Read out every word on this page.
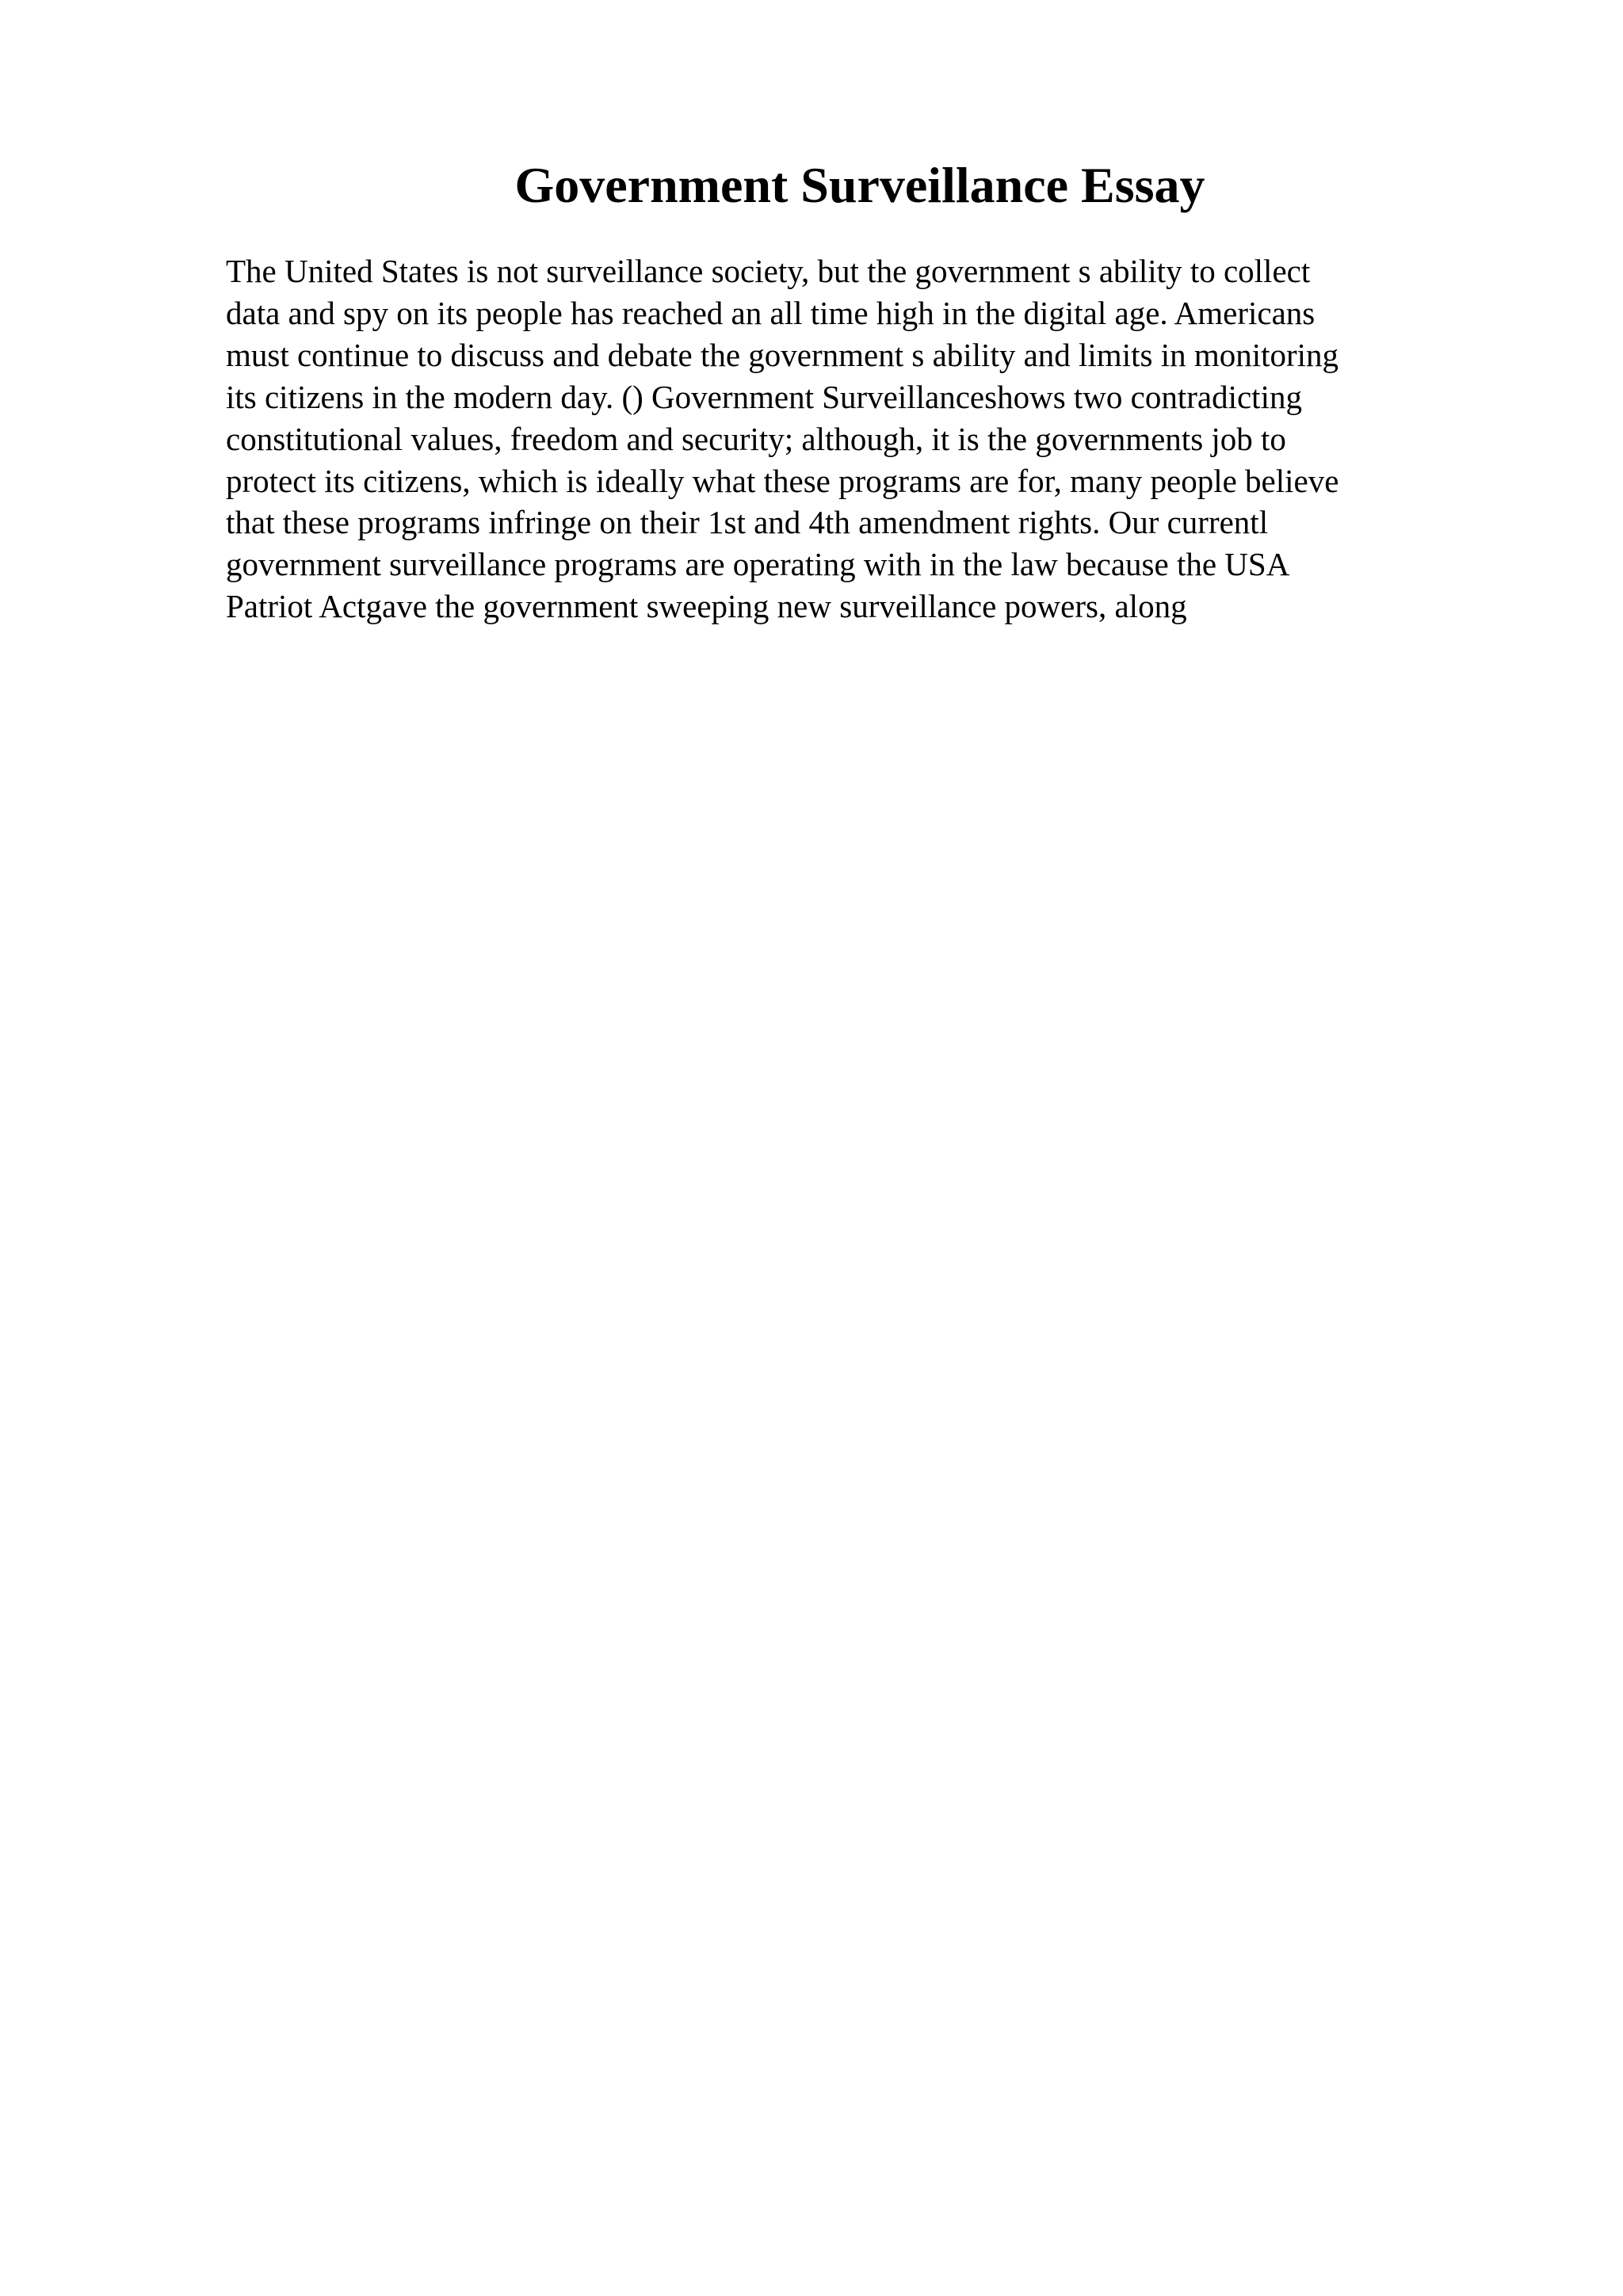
Government Surveillance Essay
The United States is not surveillance society, but the government s ability to collect
data and spy on its people has reached an all time high in the digital age. Americans
must continue to discuss and debate the government s ability and limits in monitoring
its citizens in the modern day. () Government Surveillanceshows two contradicting
constitutional values, freedom and security; although, it is the governments job to
protect its citizens, which is ideally what these programs are for, many people believe
that these programs infringe on their 1st and 4th amendment rights. Our currentl
government surveillance programs are operating with in the law because the USA
Patriot Actgave the government sweeping new surveillance powers, along
